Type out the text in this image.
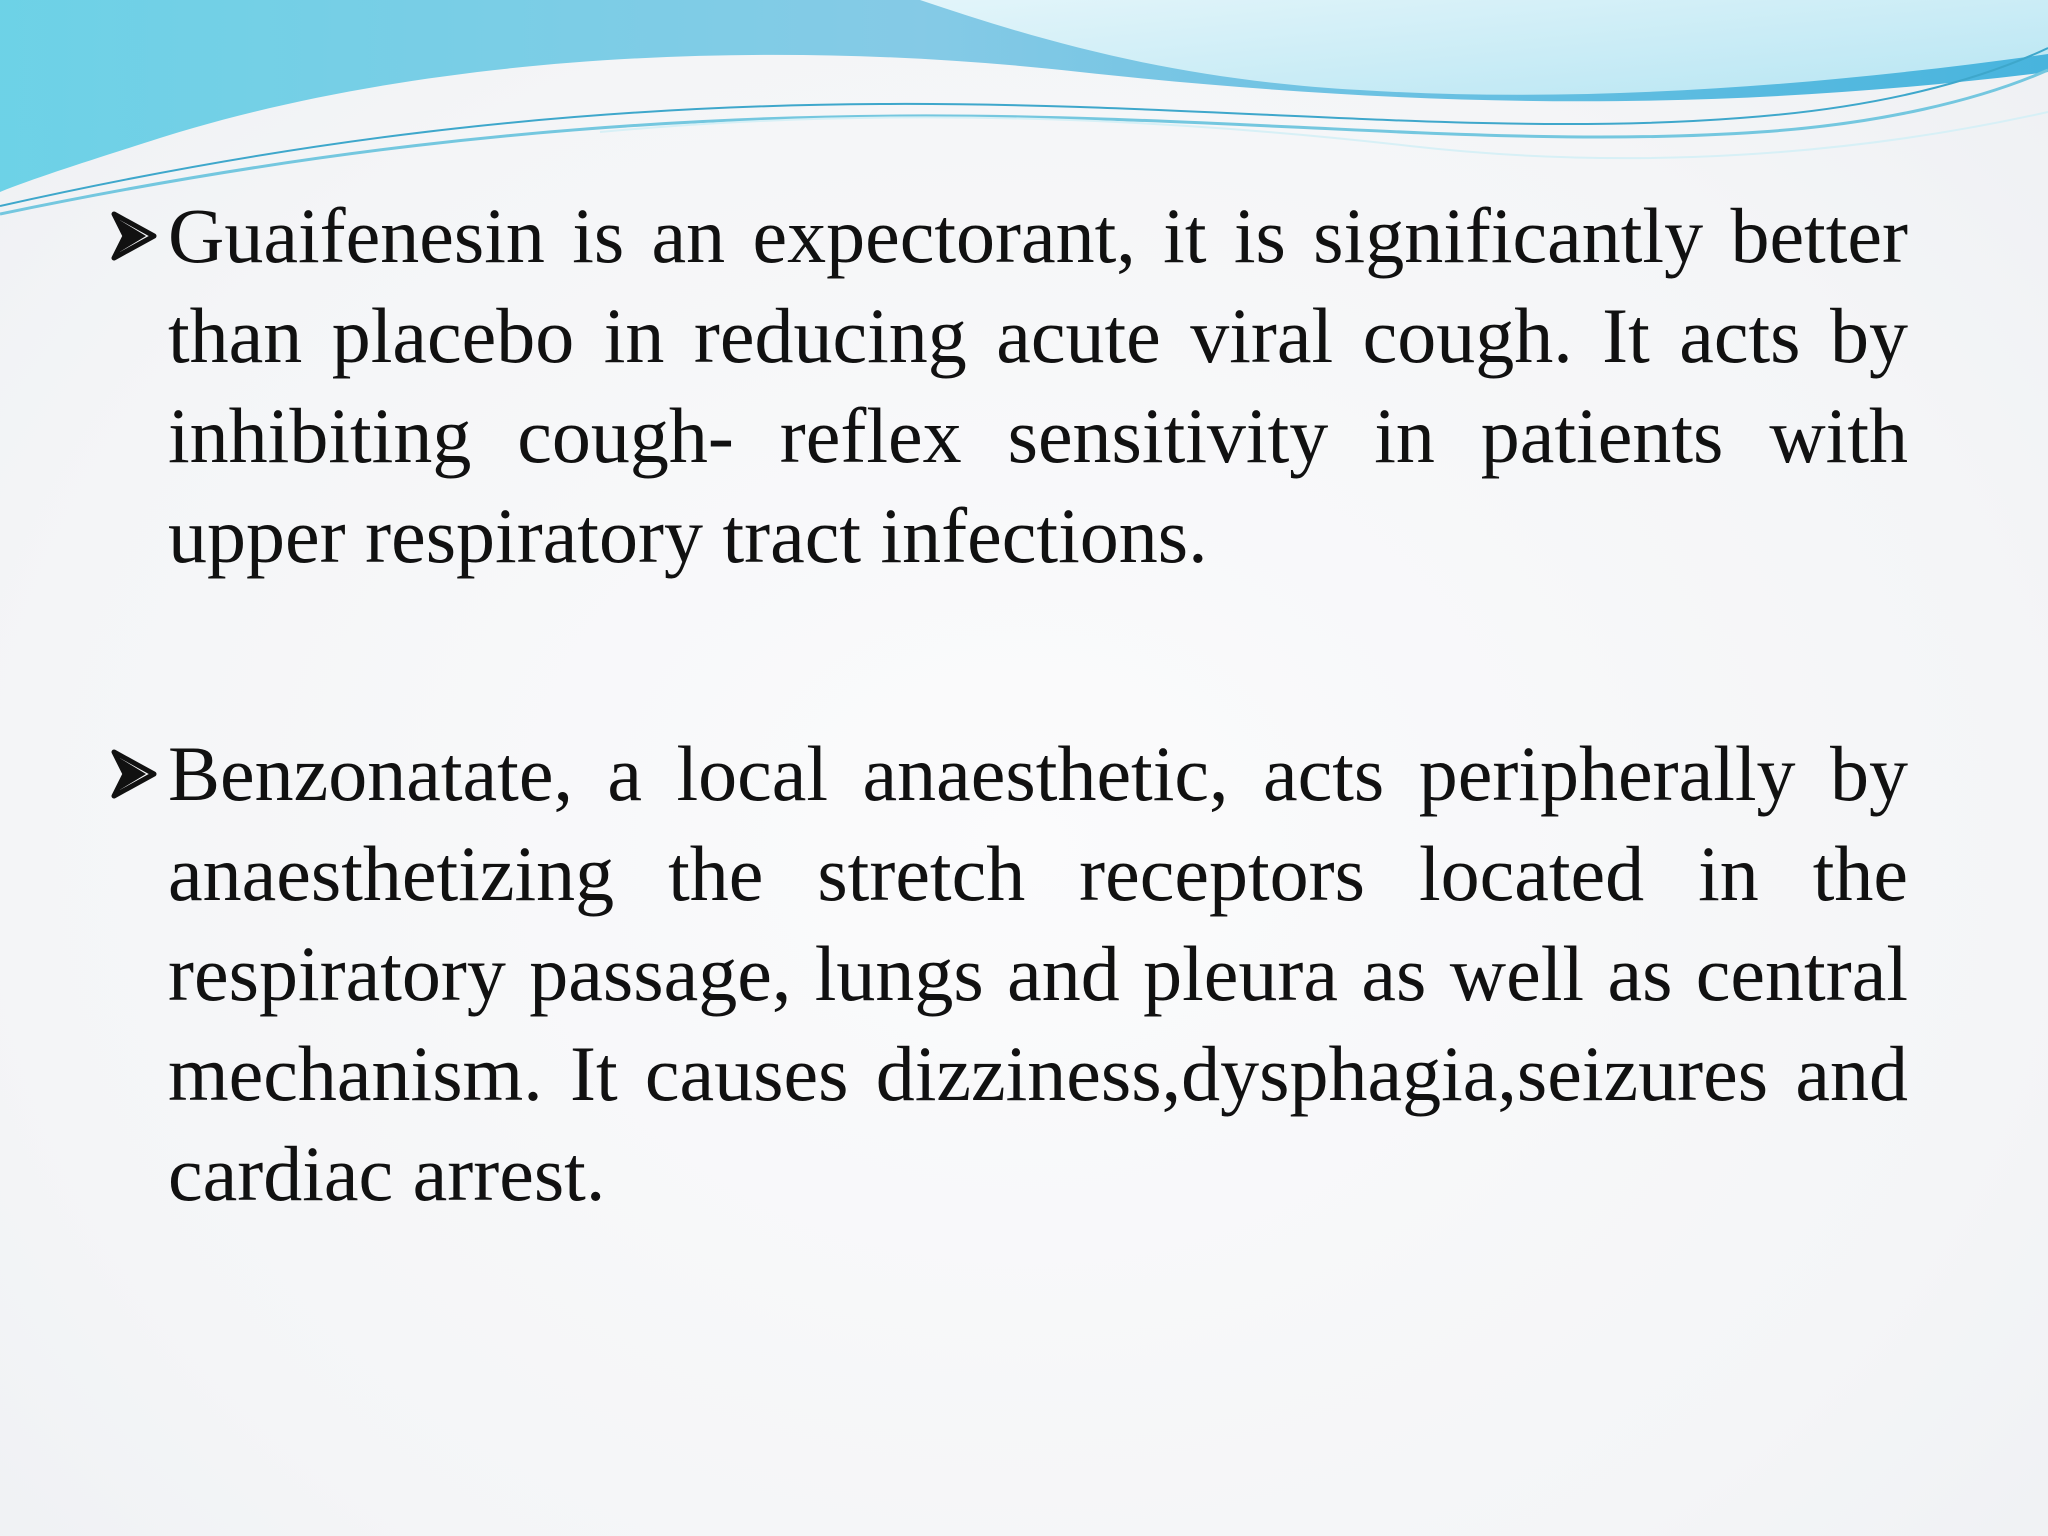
Guaifenesin is an expectorant, it is significantly better than placebo in reducing acute viral cough. It acts by inhibiting cough- reflex sensitivity in patients with upper respiratory tract infections.
Benzonatate, a local anaesthetic, acts peripherally by anaesthetizing the stretch receptors located in the respiratory passage, lungs and pleura as well as central mechanism. It causes dizziness,dysphagia,seizures and cardiac arrest.
